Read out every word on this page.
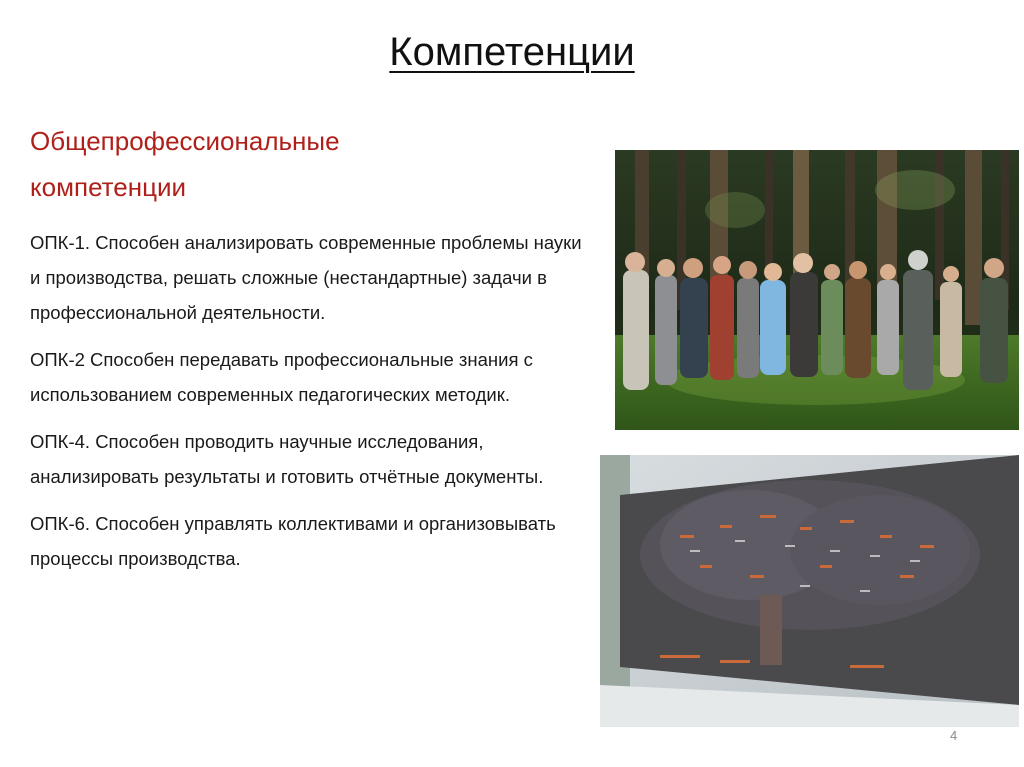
Компетенции
Общепрофессиональные компетенции

ОПК-1. Способен анализировать современные проблемы науки и производства, решать сложные (нестандартные) задачи в профессиональной деятельности.

ОПК-2 Способен передавать профессиональные знания с использованием современных педагогических методик.

ОПК-4. Способен проводить научные исследования, анализировать результаты и готовить отчётные документы.

ОПК-6. Способен управлять коллективами и организовывать процессы производства.

4
